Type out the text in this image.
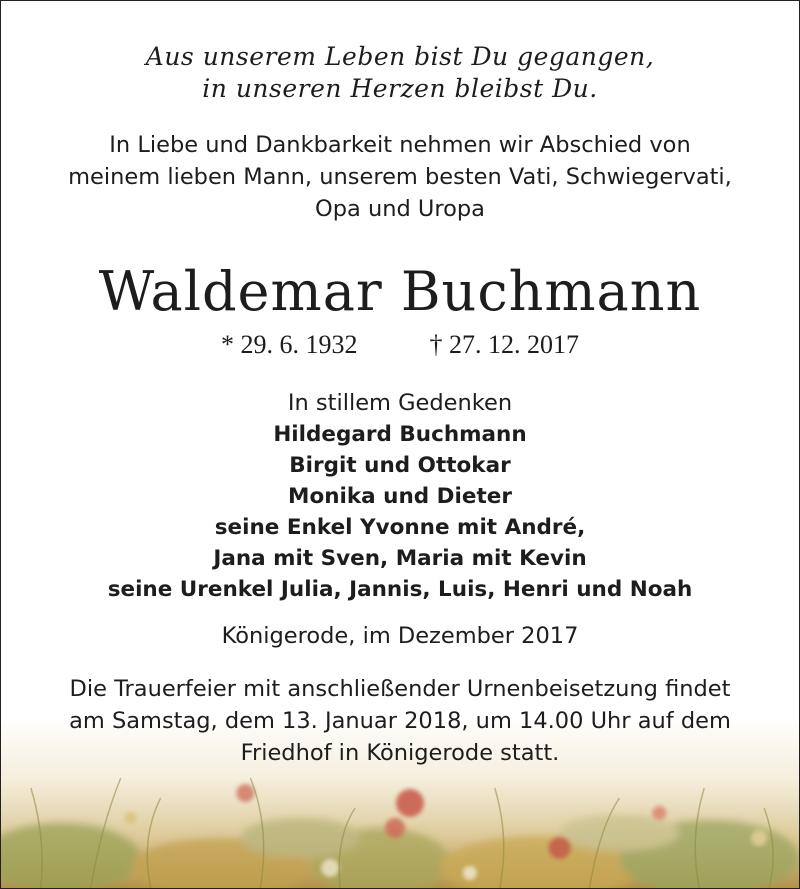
Aus unserem Leben bist Du gegangen,
in unseren Herzen bleibst Du.
In Liebe und Dankbarkeit nehmen wir Abschied von
meinem lieben Mann, unserem besten Vati, Schwiegervati,
Opa und Uropa
Waldemar Buchmann
* 29. 6. 1932	† 27. 12. 2017
In stillem Gedenken
Hildegard Buchmann
Birgit und Ottokar
Monika und Dieter
seine Enkel Yvonne mit André,
Jana mit Sven, Maria mit Kevin
seine Urenkel Julia, Jannis, Luis, Henri und Noah
Königerode, im Dezember 2017
Die Trauerfeier mit anschließender Urnenbeisetzung findet
am Samstag, dem 13. Januar 2018, um 14.00 Uhr auf dem
Friedhof in Königerode statt.
